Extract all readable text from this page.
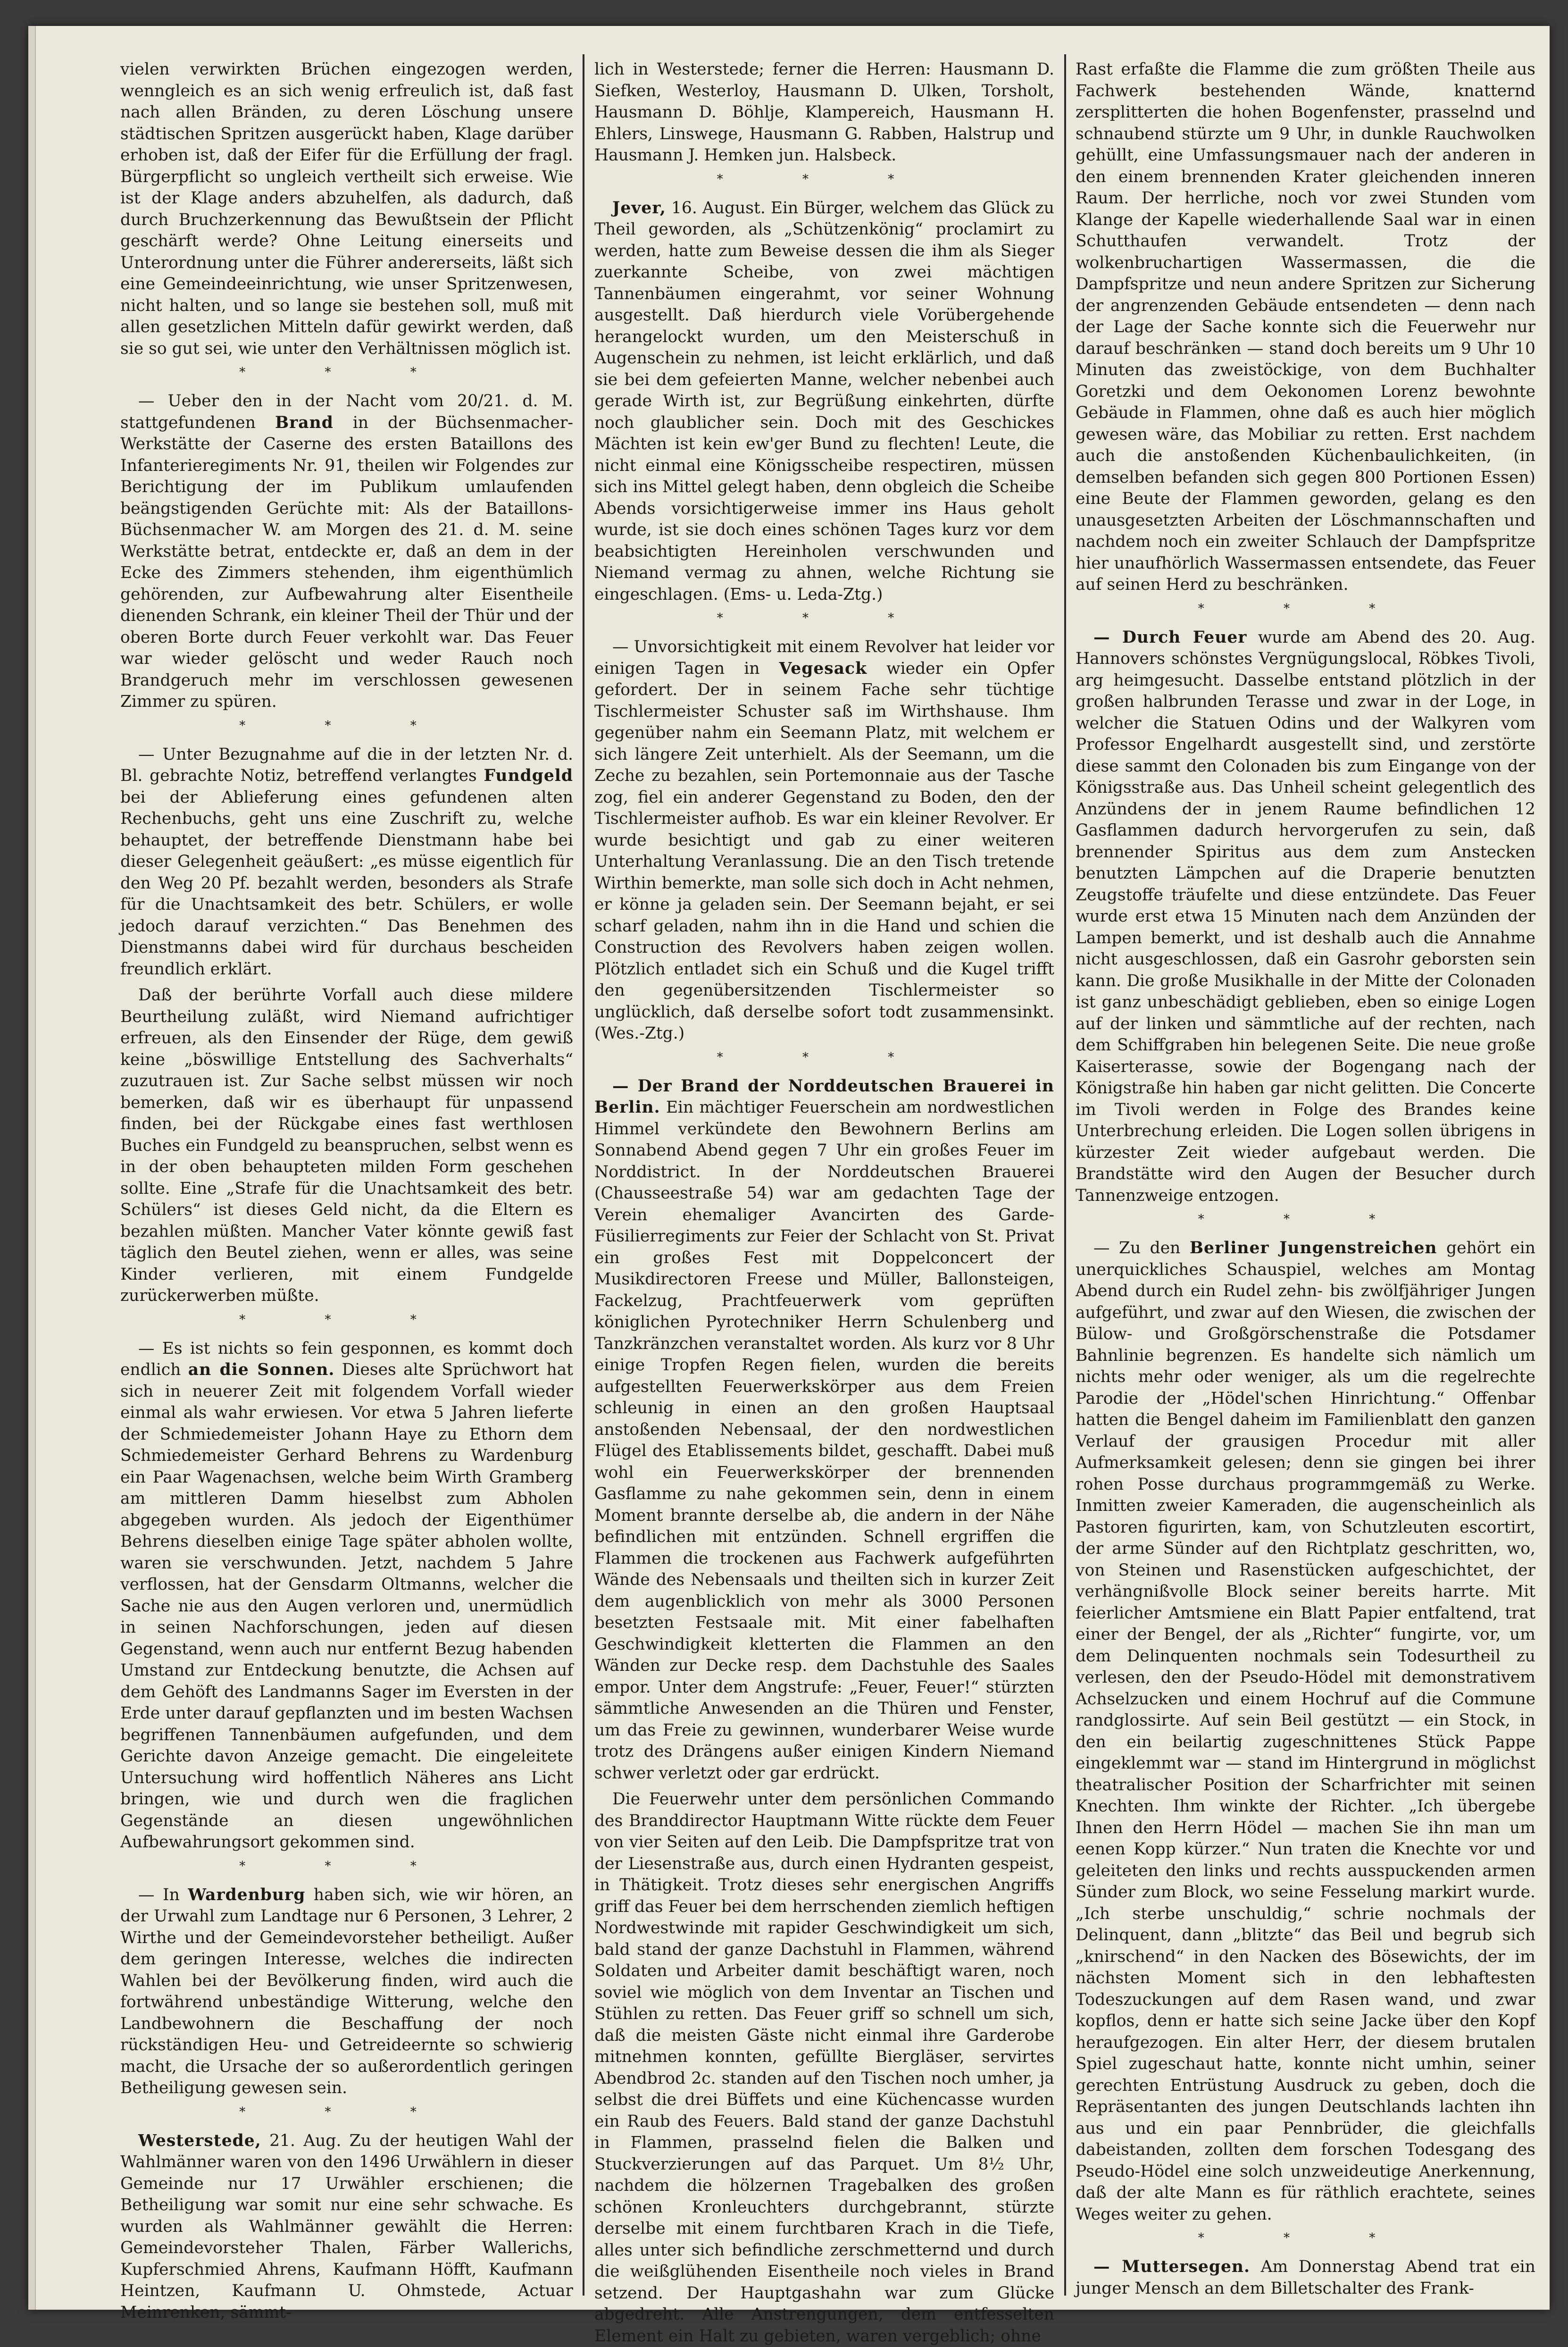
vielen verwirkten Brüchen eingezogen werden, wenngleich es an sich wenig erfreulich ist, daß fast nach allen Bränden, zu deren Löschung unsere städtischen Spritzen ausgerückt haben, Klage darüber erhoben ist, daß der Eifer für die Erfüllung der fragl. Bürgerpflicht so ungleich vertheilt sich erweise. Wie ist der Klage anders abzuhelfen, als dadurch, daß durch Bruchzerkennung das Bewußtsein der Pflicht geschärft werde? Ohne Leitung einerseits und Unterordnung unter die Führer andererseits, läßt sich eine Gemeindeeinrichtung, wie unser Spritzenwesen, nicht halten, und so lange sie bestehen soll, muß mit allen gesetzlichen Mitteln dafür gewirkt werden, daß sie so gut sei, wie unter den Verhältnissen möglich ist.

* * *

— Ueber den in der Nacht vom 20/21. d. M. stattgefundenen Brand in der Büchsenmacher-Werkstätte der Caserne des ersten Bataillons des Infanterieregiments Nr. 91, theilen wir Folgendes zur Berichtigung der im Publikum umlaufenden beängstigenden Gerüchte mit: Als der Bataillons-Büchsenmacher W. am Morgen des 21. d. M. seine Werkstätte betrat, entdeckte er, daß an dem in der Ecke des Zimmers stehenden, ihm eigenthümlich gehörenden, zur Aufbewahrung alter Eisentheile dienenden Schrank, ein kleiner Theil der Thür und der oberen Borte durch Feuer verkohlt war. Das Feuer war wieder gelöscht und weder Rauch noch Brandgeruch mehr im verschlossen gewesenen Zimmer zu spüren.

* * *

— Unter Bezugnahme auf die in der letzten Nr. d. Bl. gebrachte Notiz, betreffend verlangtes Fundgeld bei der Ablieferung eines gefundenen alten Rechenbuchs, geht uns eine Zuschrift zu, welche behauptet, der betreffende Dienstmann habe bei dieser Gelegenheit geäußert: „es müsse eigentlich für den Weg 20 Pf. bezahlt werden, besonders als Strafe für die Unachtsamkeit des betr. Schülers, er wolle jedoch darauf verzichten.“ Das Benehmen des Dienstmanns dabei wird für durchaus bescheiden freundlich erklärt.

Daß der berührte Vorfall auch diese mildere Beurtheilung zuläßt, wird Niemand aufrichtiger erfreuen, als den Einsender der Rüge, dem gewiß keine „böswillige Entstellung des Sachverhalts“ zuzutrauen ist. Zur Sache selbst müssen wir noch bemerken, daß wir es überhaupt für unpassend finden, bei der Rückgabe eines fast werthlosen Buches ein Fundgeld zu beanspruchen, selbst wenn es in der oben behaupteten milden Form geschehen sollte. Eine „Strafe für die Unachtsamkeit des betr. Schülers“ ist dieses Geld nicht, da die Eltern es bezahlen müßten. Mancher Vater könnte gewiß fast täglich den Beutel ziehen, wenn er alles, was seine Kinder verlieren, mit einem Fundgelde zurückerwerben müßte.

* * *

— Es ist nichts so fein gesponnen, es kommt doch endlich an die Sonnen. Dieses alte Sprüchwort hat sich in neuerer Zeit mit folgendem Vorfall wieder einmal als wahr erwiesen. Vor etwa 5 Jahren lieferte der Schmiedemeister Johann Haye zu Ethorn dem Schmiedemeister Gerhard Behrens zu Wardenburg ein Paar Wagenachsen, welche beim Wirth Gramberg am mittleren Damm hieselbst zum Abholen abgegeben wurden. Als jedoch der Eigenthümer Behrens dieselben einige Tage später abholen wollte, waren sie verschwunden. Jetzt, nachdem 5 Jahre verflossen, hat der Gensdarm Oltmanns, welcher die Sache nie aus den Augen verloren und, unermüdlich in seinen Nachforschungen, jeden auf diesen Gegenstand, wenn auch nur entfernt Bezug habenden Umstand zur Entdeckung benutzte, die Achsen auf dem Gehöft des Landmanns Sager im Eversten in der Erde unter darauf gepflanzten und im besten Wachsen begriffenen Tannenbäumen aufgefunden, und dem Gerichte davon Anzeige gemacht. Die eingeleitete Untersuchung wird hoffentlich Näheres ans Licht bringen, wie und durch wen die fraglichen Gegenstände an diesen ungewöhnlichen Aufbewahrungsort gekommen sind.

* * *

— In Wardenburg haben sich, wie wir hören, an der Urwahl zum Landtage nur 6 Personen, 3 Lehrer, 2 Wirthe und der Gemeindevorsteher betheiligt. Außer dem geringen Interesse, welches die indirecten Wahlen bei der Bevölkerung finden, wird auch die fortwährend unbeständige Witterung, welche den Landbewohnern die Beschaffung der noch rückständigen Heu- und Getreideernte so schwierig macht, die Ursache der so außerordentlich geringen Betheiligung gewesen sein.

* * *

Westerstede, 21. Aug. Zu der heutigen Wahl der Wahlmänner waren von den 1496 Urwählern in dieser Gemeinde nur 17 Urwähler erschienen; die Betheiligung war somit nur eine sehr schwache. Es wurden als Wahlmänner gewählt die Herren: Gemeindevorsteher Thalen, Färber Wallerichs, Kupferschmied Ahrens, Kaufmann Höfft, Kaufmann Heintzen, Kaufmann U. Ohmstede, Actuar Meinrenken, sämmt-

lich in Westerstede; ferner die Herren: Hausmann D. Siefken, Westerloy, Hausmann D. Ulken, Torsholt, Hausmann D. Böhlje, Klampereich, Hausmann H. Ehlers, Linswege, Hausmann G. Rabben, Halstrup und Hausmann J. Hemken jun. Halsbeck.

* * *

Jever, 16. August. Ein Bürger, welchem das Glück zu Theil geworden, als „Schützenkönig“ proclamirt zu werden, hatte zum Beweise dessen die ihm als Sieger zuerkannte Scheibe, von zwei mächtigen Tannenbäumen eingerahmt, vor seiner Wohnung ausgestellt. Daß hierdurch viele Vorübergehende herangelockt wurden, um den Meisterschuß in Augenschein zu nehmen, ist leicht erklärlich, und daß sie bei dem gefeierten Manne, welcher nebenbei auch gerade Wirth ist, zur Begrüßung einkehrten, dürfte noch glaublicher sein. Doch mit des Geschickes Mächten ist kein ew'ger Bund zu flechten! Leute, die nicht einmal eine Königsscheibe respectiren, müssen sich ins Mittel gelegt haben, denn obgleich die Scheibe Abends vorsichtigerweise immer ins Haus geholt wurde, ist sie doch eines schönen Tages kurz vor dem beabsichtigten Hereinholen verschwunden und Niemand vermag zu ahnen, welche Richtung sie eingeschlagen. (Ems- u. Leda-Ztg.)

* * *

— Unvorsichtigkeit mit einem Revolver hat leider vor einigen Tagen in Vegesack wieder ein Opfer gefordert. Der in seinem Fache sehr tüchtige Tischlermeister Schuster saß im Wirthshause. Ihm gegenüber nahm ein Seemann Platz, mit welchem er sich längere Zeit unterhielt. Als der Seemann, um die Zeche zu bezahlen, sein Portemonnaie aus der Tasche zog, fiel ein anderer Gegenstand zu Boden, den der Tischlermeister aufhob. Es war ein kleiner Revolver. Er wurde besichtigt und gab zu einer weiteren Unterhaltung Veranlassung. Die an den Tisch tretende Wirthin bemerkte, man solle sich doch in Acht nehmen, er könne ja geladen sein. Der Seemann bejaht, er sei scharf geladen, nahm ihn in die Hand und schien die Construction des Revolvers haben zeigen wollen. Plötzlich entladet sich ein Schuß und die Kugel trifft den gegenübersitzenden Tischlermeister so unglücklich, daß derselbe sofort todt zusammensinkt. (Wes.-Ztg.)

* * *

— Der Brand der Norddeutschen Brauerei in Berlin. Ein mächtiger Feuerschein am nordwestlichen Himmel verkündete den Bewohnern Berlins am Sonnabend Abend gegen 7 Uhr ein großes Feuer im Norddistrict. In der Norddeutschen Brauerei (Chausseestraße 54) war am gedachten Tage der Verein ehemaliger Avancirten des Garde-Füsilierregiments zur Feier der Schlacht von St. Privat ein großes Fest mit Doppelconcert der Musikdirectoren Freese und Müller, Ballonsteigen, Fackelzug, Prachtfeuerwerk vom geprüften königlichen Pyrotechniker Herrn Schulenberg und Tanzkränzchen veranstaltet worden. Als kurz vor 8 Uhr einige Tropfen Regen fielen, wurden die bereits aufgestellten Feuerwerkskörper aus dem Freien schleunig in einen an den großen Hauptsaal anstoßenden Nebensaal, der den nordwestlichen Flügel des Etablissements bildet, geschafft. Dabei muß wohl ein Feuerwerkskörper der brennenden Gasflamme zu nahe gekommen sein, denn in einem Moment brannte derselbe ab, die andern in der Nähe befindlichen mit entzünden. Schnell ergriffen die Flammen die trockenen aus Fachwerk aufgeführten Wände des Nebensaals und theilten sich in kurzer Zeit dem augenblicklich von mehr als 3000 Personen besetzten Festsaale mit. Mit einer fabelhaften Geschwindigkeit kletterten die Flammen an den Wänden zur Decke resp. dem Dachstuhle des Saales empor. Unter dem Angstrufe: „Feuer, Feuer!“ stürzten sämmtliche Anwesenden an die Thüren und Fenster, um das Freie zu gewinnen, wunderbarer Weise wurde trotz des Drängens außer einigen Kindern Niemand schwer verletzt oder gar erdrückt.

Die Feuerwehr unter dem persönlichen Commando des Branddirector Hauptmann Witte rückte dem Feuer von vier Seiten auf den Leib. Die Dampfspritze trat von der Liesenstraße aus, durch einen Hydranten gespeist, in Thätigkeit. Trotz dieses sehr energischen Angriffs griff das Feuer bei dem herrschenden ziemlich heftigen Nordwestwinde mit rapider Geschwindigkeit um sich, bald stand der ganze Dachstuhl in Flammen, während Soldaten und Arbeiter damit beschäftigt waren, noch soviel wie möglich von dem Inventar an Tischen und Stühlen zu retten. Das Feuer griff so schnell um sich, daß die meisten Gäste nicht einmal ihre Garderobe mitnehmen konnten, gefüllte Biergläser, servirtes Abendbrod 2c. standen auf den Tischen noch umher, ja selbst die drei Büffets und eine Küchencasse wurden ein Raub des Feuers. Bald stand der ganze Dachstuhl in Flammen, prasselnd fielen die Balken und Stuckverzierungen auf das Parquet. Um 8½ Uhr, nachdem die hölzernen Tragebalken des großen schönen Kronleuchters durchgebrannt, stürzte derselbe mit einem furchtbaren Krach in die Tiefe, alles unter sich befindliche zerschmetternd und durch die weißglühenden Eisentheile noch vieles in Brand setzend. Der Hauptgashahn war zum Glücke abgedreht. Alle Anstrengungen, dem entfesselten Element ein Halt zu gebieten, waren vergeblich; ohne

Rast erfaßte die Flamme die zum größten Theile aus Fachwerk bestehenden Wände, knatternd zersplitterten die hohen Bogenfenster, prasselnd und schnaubend stürzte um 9 Uhr, in dunkle Rauchwolken gehüllt, eine Umfassungsmauer nach der anderen in den einem brennenden Krater gleichenden inneren Raum. Der herrliche, noch vor zwei Stunden vom Klange der Kapelle wiederhallende Saal war in einen Schutthaufen verwandelt. Trotz der wolkenbruchartigen Wassermassen, die die Dampfspritze und neun andere Spritzen zur Sicherung der angrenzenden Gebäude entsendeten — denn nach der Lage der Sache konnte sich die Feuerwehr nur darauf beschränken — stand doch bereits um 9 Uhr 10 Minuten das zweistöckige, von dem Buchhalter Goretzki und dem Oekonomen Lorenz bewohnte Gebäude in Flammen, ohne daß es auch hier möglich gewesen wäre, das Mobiliar zu retten. Erst nachdem auch die anstoßenden Küchenbaulichkeiten, (in demselben befanden sich gegen 800 Portionen Essen) eine Beute der Flammen geworden, gelang es den unausgesetzten Arbeiten der Löschmannschaften und nachdem noch ein zweiter Schlauch der Dampfspritze hier unaufhörlich Wassermassen entsendete, das Feuer auf seinen Herd zu beschränken.

* * *

— Durch Feuer wurde am Abend des 20. Aug. Hannovers schönstes Vergnügungslocal, Röbkes Tivoli, arg heimgesucht. Dasselbe entstand plötzlich in der großen halbrunden Terasse und zwar in der Loge, in welcher die Statuen Odins und der Walkyren vom Professor Engelhardt ausgestellt sind, und zerstörte diese sammt den Colonaden bis zum Eingange von der Königsstraße aus. Das Unheil scheint gelegentlich des Anzündens der in jenem Raume befindlichen 12 Gasflammen dadurch hervorgerufen zu sein, daß brennender Spiritus aus dem zum Anstecken benutzten Lämpchen auf die Draperie benutzten Zeugstoffe träufelte und diese entzündete. Das Feuer wurde erst etwa 15 Minuten nach dem Anzünden der Lampen bemerkt, und ist deshalb auch die Annahme nicht ausgeschlossen, daß ein Gasrohr geborsten sein kann. Die große Musikhalle in der Mitte der Colonaden ist ganz unbeschädigt geblieben, eben so einige Logen auf der linken und sämmtliche auf der rechten, nach dem Schiffgraben hin belegenen Seite. Die neue große Kaiserterasse, sowie der Bogengang nach der Königstraße hin haben gar nicht gelitten. Die Concerte im Tivoli werden in Folge des Brandes keine Unterbrechung erleiden. Die Logen sollen übrigens in kürzester Zeit wieder aufgebaut werden. Die Brandstätte wird den Augen der Besucher durch Tannenzweige entzogen.

* * *

— Zu den Berliner Jungenstreichen gehört ein unerquickliches Schauspiel, welches am Montag Abend durch ein Rudel zehn- bis zwölfjähriger Jungen aufgeführt, und zwar auf den Wiesen, die zwischen der Bülow- und Großgörschenstraße die Potsdamer Bahnlinie begrenzen. Es handelte sich nämlich um nichts mehr oder weniger, als um die regelrechte Parodie der „Hödel'schen Hinrichtung.“ Offenbar hatten die Bengel daheim im Familienblatt den ganzen Verlauf der grausigen Procedur mit aller Aufmerksamkeit gelesen; denn sie gingen bei ihrer rohen Posse durchaus programmgemäß zu Werke. Inmitten zweier Kameraden, die augenscheinlich als Pastoren figurirten, kam, von Schutzleuten escortirt, der arme Sünder auf den Richtplatz geschritten, wo, von Steinen und Rasenstücken aufgeschichtet, der verhängnißvolle Block seiner bereits harrte. Mit feierlicher Amtsmiene ein Blatt Papier entfaltend, trat einer der Bengel, der als „Richter“ fungirte, vor, um dem Delinquenten nochmals sein Todesurtheil zu verlesen, den der Pseudo-Hödel mit demonstrativem Achselzucken und einem Hochruf auf die Commune randglossirte. Auf sein Beil gestützt — ein Stock, in den ein beilartig zugeschnittenes Stück Pappe eingeklemmt war — stand im Hintergrund in möglichst theatralischer Position der Scharfrichter mit seinen Knechten. Ihm winkte der Richter. „Ich übergebe Ihnen den Herrn Hödel — machen Sie ihn man um eenen Kopp kürzer.“ Nun traten die Knechte vor und geleiteten den links und rechts ausspuckenden armen Sünder zum Block, wo seine Fesselung markirt wurde. „Ich sterbe unschuldig,“ schrie nochmals der Delinquent, dann „blitzte“ das Beil und begrub sich „knirschend“ in den Nacken des Bösewichts, der im nächsten Moment sich in den lebhaftesten Todeszuckungen auf dem Rasen wand, und zwar kopflos, denn er hatte sich seine Jacke über den Kopf heraufgezogen. Ein alter Herr, der diesem brutalen Spiel zugeschaut hatte, konnte nicht umhin, seiner gerechten Entrüstung Ausdruck zu geben, doch die Repräsentanten des jungen Deutschlands lachten ihn aus und ein paar Pennbrüder, die gleichfalls dabeistanden, zollten dem forschen Todesgang des Pseudo-Hödel eine solch unzweideutige Anerkennung, daß der alte Mann es für räthlich erachtete, seines Weges weiter zu gehen.

* * *

— Muttersegen. Am Donnerstag Abend trat ein junger Mensch an dem Billetschalter des Frank-
